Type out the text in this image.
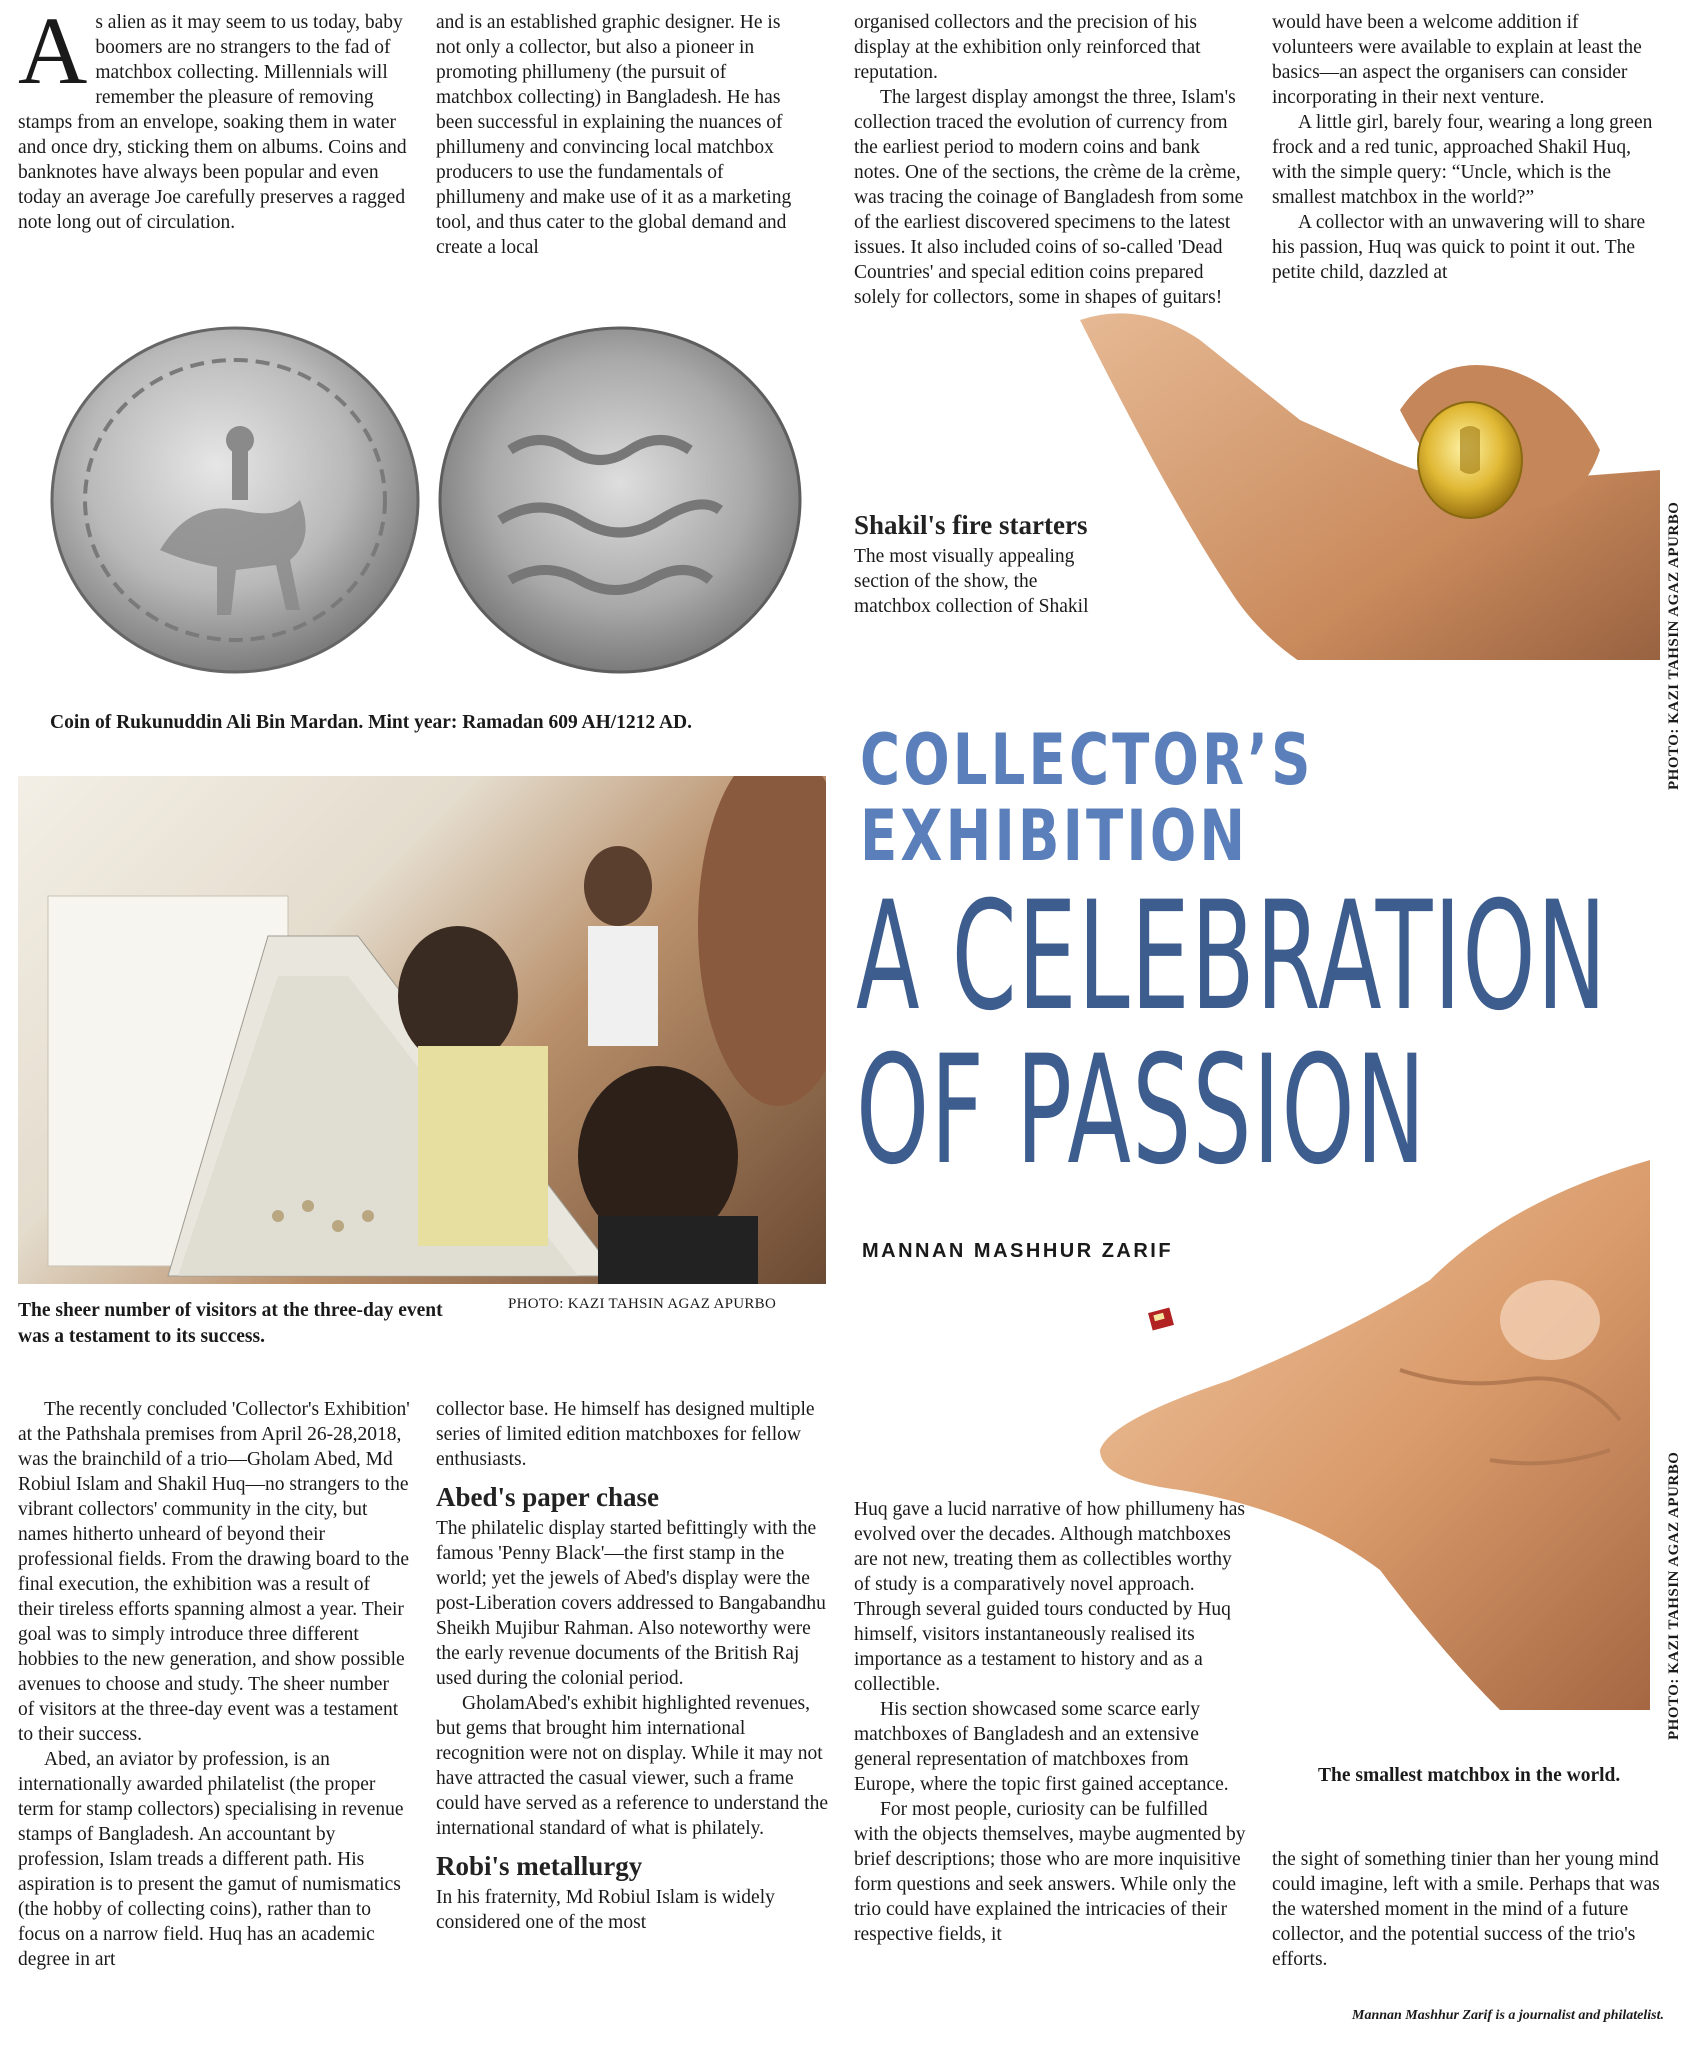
A s alien as it may seem to us today, baby boomers are no strangers to the fad of matchbox collecting. Millennials will remember the pleasure of removing stamps from an envelope, soaking them in water and once dry, sticking them on albums. Coins and banknotes have always been popular and even today an average Joe carefully preserves a ragged note long out of circulation.

and is an established graphic designer. He is not only a collector, but also a pioneer in promoting phillumeny (the pursuit of matchbox collecting) in Bangladesh. He has been successful in explaining the nuances of phillumeny and convincing local matchbox producers to use the fundamentals of phillumeny and make use of it as a marketing tool, and thus cater to the global demand and create a local

organised collectors and the precision of his display at the exhibition only reinforced that reputation.

The largest display amongst the three, Islam's collection traced the evolution of currency from the earliest period to modern coins and bank notes. One of the sections, the crème de la crème, was tracing the coinage of Bangladesh from some of the earliest discovered specimens to the latest issues. It also included coins of so-called 'Dead Countries' and special edition coins prepared solely for collectors, some in shapes of guitars!

Shakil's fire starters

The most visually appealing section of the show, the matchbox collection of Shakil

would have been a welcome addition if volunteers were available to explain at least the basics—an aspect the organisers can consider incorporating in their next venture.

A little girl, barely four, wearing a long green frock and a red tunic, approached Shakil Huq, with the simple query: “Uncle, which is the smallest matchbox in the world?”

A collector with an unwavering will to share his passion, Huq was quick to point it out. The petite child, dazzled at

Coin of Rukunuddin Ali Bin Mardan. Mint year: Ramadan 609 AH/1212 AD.
The sheer number of visitors at the three-day event was a testament to its success.
PHOTO: KAZI TAHSIN AGAZ APURBO
PHOTO: KAZI TAHSIN AGAZ APURBO
COLLECTOR’S
EXHIBITION
A CELEBRATION
OF PASSION
MANNAN MASHHUR ZARIF
The smallest matchbox in the world.
PHOTO: KAZI TAHSIN AGAZ APURBO

The recently concluded 'Collector's Exhibition' at the Pathshala premises from April 26-28,2018, was the brainchild of a trio—Gholam Abed, Md Robiul Islam and Shakil Huq—no strangers to the vibrant collectors' community in the city, but names hitherto unheard of beyond their professional fields. From the drawing board to the final execution, the exhibition was a result of their tireless efforts spanning almost a year. Their goal was to simply introduce three different hobbies to the new generation, and show possible avenues to choose and study. The sheer number of visitors at the three-day event was a testament to their success.

Abed, an aviator by profession, is an internationally awarded philatelist (the proper term for stamp collectors) specialising in revenue stamps of Bangladesh. An accountant by profession, Islam treads a different path. His aspiration is to present the gamut of numismatics (the hobby of collecting coins), rather than to focus on a narrow field. Huq has an academic degree in art

collector base. He himself has designed multiple series of limited edition matchboxes for fellow enthusiasts.

Abed's paper chase

The philatelic display started befittingly with the famous 'Penny Black'—the first stamp in the world; yet the jewels of Abed's display were the post-Liberation covers addressed to Bangabandhu Sheikh Mujibur Rahman. Also noteworthy were the early revenue documents of the British Raj used during the colonial period.

GholamAbed's exhibit highlighted revenues, but gems that brought him international recognition were not on display. While it may not have attracted the casual viewer, such a frame could have served as a reference to understand the international standard of what is philately.

Robi's metallurgy

In his fraternity, Md Robiul Islam is widely considered one of the most

Huq gave a lucid narrative of how phillumeny has evolved over the decades. Although matchboxes are not new, treating them as collectibles worthy of study is a comparatively novel approach. Through several guided tours conducted by Huq himself, visitors instantaneously realised its importance as a testament to history and as a collectible.

His section showcased some scarce early matchboxes of Bangladesh and an extensive general representation of matchboxes from Europe, where the topic first gained acceptance.

For most people, curiosity can be fulfilled with the objects themselves, maybe augmented by brief descriptions; those who are more inquisitive form questions and seek answers. While only the trio could have explained the intricacies of their respective fields, it

the sight of something tinier than her young mind could imagine, left with a smile. Perhaps that was the watershed moment in the mind of a future collector, and the potential success of the trio's efforts.

Mannan Mashhur Zarif is a journalist and philatelist.
